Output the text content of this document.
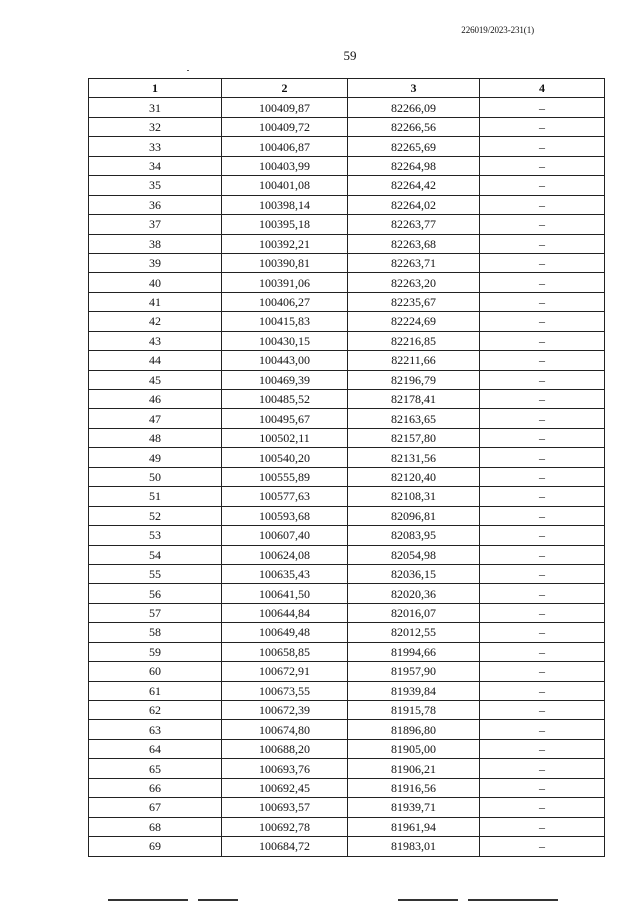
226019/2023-231(1)
59
1	2	3	4
31	100409,87	82266,09	–
32	100409,72	82266,56	–
33	100406,87	82265,69	–
34	100403,99	82264,98	–
35	100401,08	82264,42	–
36	100398,14	82264,02	–
37	100395,18	82263,77	–
38	100392,21	82263,68	–
39	100390,81	82263,71	–
40	100391,06	82263,20	–
41	100406,27	82235,67	–
42	100415,83	82224,69	–
43	100430,15	82216,85	–
44	100443,00	82211,66	–
45	100469,39	82196,79	–
46	100485,52	82178,41	–
47	100495,67	82163,65	–
48	100502,11	82157,80	–
49	100540,20	82131,56	–
50	100555,89	82120,40	–
51	100577,63	82108,31	–
52	100593,68	82096,81	–
53	100607,40	82083,95	–
54	100624,08	82054,98	–
55	100635,43	82036,15	–
56	100641,50	82020,36	–
57	100644,84	82016,07	–
58	100649,48	82012,55	–
59	100658,85	81994,66	–
60	100672,91	81957,90	–
61	100673,55	81939,84	–
62	100672,39	81915,78	–
63	100674,80	81896,80	–
64	100688,20	81905,00	–
65	100693,76	81906,21	–
66	100692,45	81916,56	–
67	100693,57	81939,71	–
68	100692,78	81961,94	–
69	100684,72	81983,01	–
